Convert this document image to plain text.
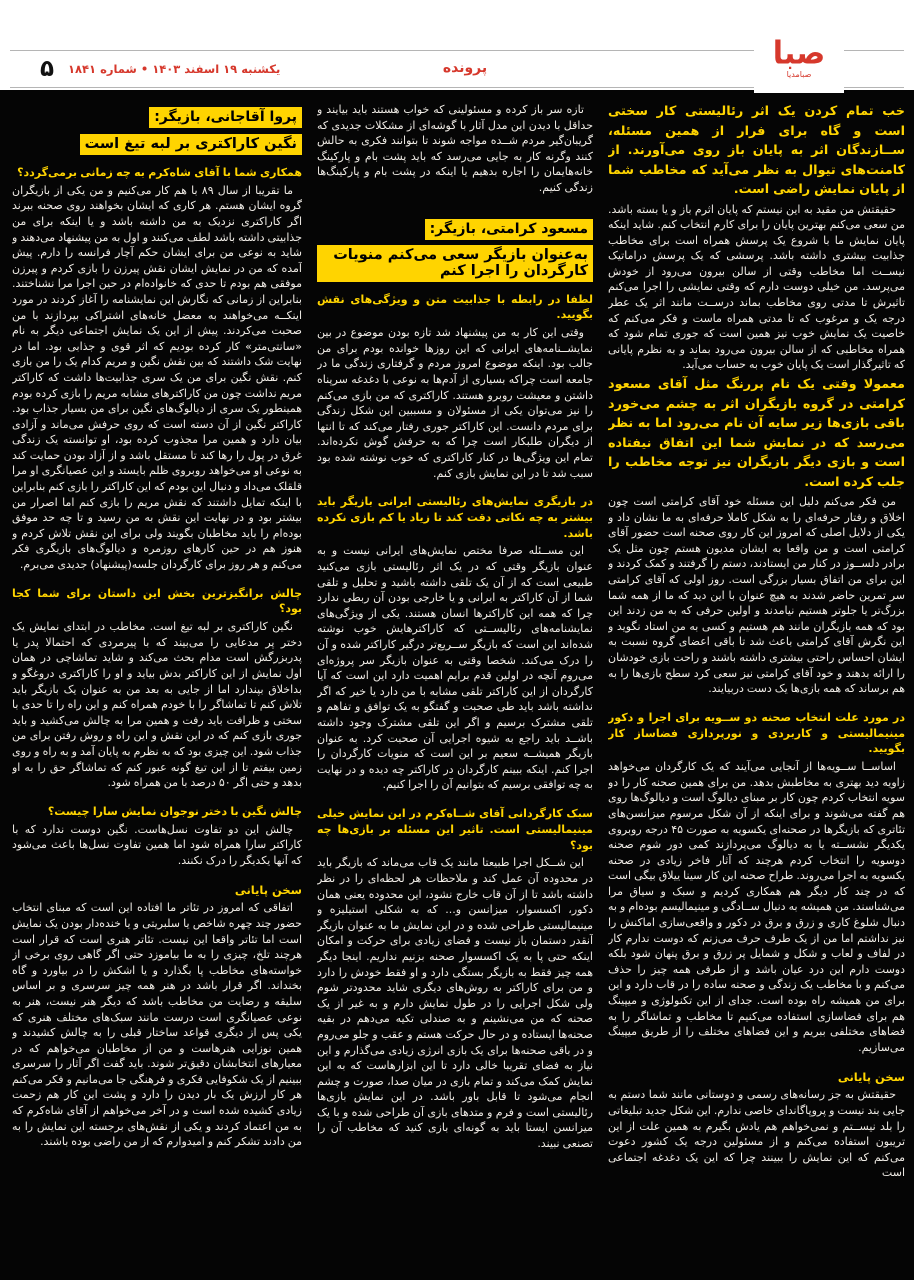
۵ یکشنبه ۱۹ اسفند ۱۴۰۳ • شماره ۱۸۴۱	پرونده	صبا
صبامدیا
خب تمام کردن یک اثر رئالیستی کار سختی است و گاه برای فرار از همین مسئله، ســازندگان اثر به پایان باز روی می‌آورند. از کامنت‌های تیوال به نظر می‌آید که مخاطب شما از پایان نمایش راضی است.

حقیقتش من مقید به این نیستم که پایان اثرم باز و یا بسته باشد. من سعی می‌کنم بهترین پایان را برای کارم انتخاب کنم. شاید اینکه پایان نمایش ما با شروع یک پرسش همراه است برای مخاطب جذابیت بیشتری داشته باشد. پرسشی که یک پرسش دراماتیک نیســت اما مخاطب وقتی از سالن بیرون می‌رود از خودش می‌پرسد. من خیلی دوست دارم که وقتی نمایشی را اجرا می‌کنم تاثیرش تا مدتی روی مخاطب بماند درســت مانند اثر یک عطر درجه یک و مرغوب که تا مدتی همراه ماست و فکر می‌کنم که خاصیت یک نمایش خوب نیز همین است که جوری تمام شود که همراه مخاطبی که از سالن بیرون می‌رود بماند و به نظرم پایانی که تاثیرگذار است یک پایان خوب به حساب می‌آید.

معمولا وقتی یک نام پررنگ مثل آقای مسعود کرامتی در گروه بازیگران اثر به چشم می‌خورد باقی بازی‌ها زیر سایه آن نام می‌رود اما به نظر می‌رسد که در نمایش شما این اتفاق نیفتاده است و بازی دیگر بازیگران نیز توجه مخاطب را جلب کرده است.

من فکر می‌کنم دلیل این مسئله خود آقای کرامتی است چون اخلاق و رفتار حرفه‌ای را به شکل کاملا حرفه‌ای به ما نشان داد و یکی از دلایل اصلی که امروز این کار روی صحنه است حضور آقای کرامتی است و من واقعا به ایشان مدیون هستم چون مثل یک برادر دلســوز در کنار من ایستادند، دستم را گرفتند و کمک کردند و این برای من اتفاق بسیار بزرگی است. روز اولی که آقای کرامتی سر تمرین حاضر شدند به هیچ عنوان با این دید که ما از همه شما بزرگ‌تر یا جلوتر هستیم نیامدند و اولین حرفی که به من زدند این بود که همه بازیگران مانند هم هستیم و کسی به من استاد نگوید و این نگرش آقای کرامتی باعث شد تا باقی اعضای گروه نسبت به ایشان احساس راحتی بیشتری داشته باشند و راحت بازی خودشان را ارائه بدهند و خود آقای کرامتی نیز سعی کرد سطح بازی‌ها را به هم برساند که همه بازی‌ها یک دست دربیایند.

در مورد علت انتخاب صحنه دو ســویه برای اجرا و دکور مینیمالیستی و کاربردی و نورپردازی فضاساز کار بگویید.

اساســا ســویه‌ها از آنجایی می‌آیند که یک کارگردان می‌خواهد زاویه دید بهتری به مخاطبش بدهد. من برای همین صحنه کار را دو سویه انتخاب کردم چون کار بر مبنای دیالوگ است و دیالوگ‌ها روی هم گفته می‌شوند و برای اینکه از آن شکل مرسوم میزانسن‌های تئاتری که بازیگرها در صحنه‌ای یکسویه به صورت ۴۵ درجه روبروی یکدیگر نشســته یا به دیالوگ می‌پردازند کمی دور شوم صحنه دوسویه را انتخاب کردم هرچند که آثار فاخر زیادی در صحنه یکسویه به اجرا می‌روند. طراح صحنه این کار سینا ییلاق بیگی است که در چند کار دیگر هم همکاری کردیم و سبک و سیاق مرا می‌شناسند. من همیشه به دنبال ســادگی و مینیمالیسم بوده‌ام و به دنبال شلوغ کاری و زرق و برق در دکور و واقعی‌سازی اماکنش را نیز نداشتم اما من از یک طرف حرف می‌زنم که دوست ندارم کار در لفاف و لعاب و شکل و شمایل پر زرق و برق پنهان شود بلکه دوست دارم این درد عیان باشد و از طرفی همه چیز را حذف می‌کنم و با مخاطب یک زندگی و صحنه ساده را در قاب دارد و این برای من همیشه راه بوده است. جدای از این تکنولوژی و میپینگ هم برای فضاسازی استفاده می‌کنیم تا مخاطب و تماشاگر را به فضاهای مختلفی ببریم و این فضاهای مختلف را از طریق میپینگ می‌سازیم.

سخن پایانی

حقیقتش به جز رسانه‌های رسمی و دوستانی مانند شما دستم به جایی بند نیست و پروپاگاندای خاصی ندارم. این شکل جدید تبلیغاتی را بلد نیســتم و نمی‌خواهم هم یادش بگیرم به همین علت از این تریبون استفاده می‌کنم و از مسئولین درجه یک کشور دعوت می‌کنم که این نمایش را ببینند چرا که این یک دغدغه اجتماعی است

تازه سر باز کرده و مسئولینی که خواب هستند باید بیایند و حداقل با دیدن این مدل آثار با گوشه‌ای از مشکلات جدیدی که گریبان‌گیر مردم شــده مواجه شوند تا بتوانند فکری به حالش کنند وگرنه کار به جایی می‌رسد که باید پشت بام و پارکینگ خانه‌هایمان را اجاره بدهیم یا اینکه در پشت بام و پارکینگ‌ها زندگی کنیم.

مسعود کرامتی، بازیگر:
به‌عنوان بازیگر سعی می‌کنم منویات کارگردان را اجرا کنم
لطفا در رابطه با جذابیت متن و ویژگی‌های نقش بگویید.

وقتی این کار به من پیشنهاد شد تازه بودن موضوع در بین نمایشــنامه‌های ایرانی که این روزها خوانده بودم برای من جالب بود. اینکه موضوع امروز مردم و گرفتاری زندگی ما در جامعه است چراکه بسیاری از آدم‌ها به نوعی با دغدغه سرپناه داشتن و معیشت روبرو هستند. کاراکتری که من بازی می‌کنم را نیز می‌توان یکی از مسئولان و مسببین این شکل زندگی برای مردم دانست. این کاراکتر جوری رفتار می‌کند که تا انتها از دیگران طلبکار است چرا که به حرفش گوش نکرده‌اند. تمام این ویژگی‌ها در کنار کاراکتری که خوب نوشته شده بود سبب شد تا در این نمایش بازی کنم.

در بازیگری نمایش‌های رئالیستی ایرانی بازیگر باید بیشتر به چه نکاتی دقت کند تا زیاد یا کم بازی نکرده باشد.

این مســئله صرفا مختص نمایش‌های ایرانی نیست و به عنوان بازیگر وقتی که در یک اثر رئالیستی بازی می‌کنید طبیعی است که از آن یک تلقی داشته باشید و تحلیل و تلقی شما از آن کاراکتر به ایرانی و یا خارجی بودن آن ربطی ندارد چرا که همه این کاراکترها انسان هستند. یکی از ویژگی‌های نمایشنامه‌های رئالیســتی که کاراکترهایش خوب نوشته شده‌اند این است که بازیگر ســریع‌تر درگیر کاراکتر شده و آن را درک می‌کند. شخصا وقتی به عنوان بازیگر سر پروژه‌ای می‌روم آنچه در اولین قدم برایم اهمیت دارد این است که آیا کارگردان از این کاراکتر تلقی مشابه با من دارد یا خیر که اگر نداشته باشد باید طی صحبت و گفتگو به یک توافق و تفاهم و تلقی مشترک برسیم و اگر این تلقی مشترک وجود داشته باشــد باید راجع به شیوه اجرایی آن صحبت کرد. به عنوان بازیگر همیشــه سعیم بر این است که منویات کارگردان را اجرا کنم. اینکه ببینم کارگردان در کاراکتر چه دیده و در نهایت به چه توافقی برسیم که بتوانیم آن را اجرا کنیم.

سبک کارگردانی آقای شــاه‌کرم در این نمایش خیلی مینیمالیستی است. تاثیر این مسئله بر بازی‌ها چه بود؟

این شــکل اجرا طبیعتا مانند یک قاب می‌ماند که بازیگر باید در محدوده آن عمل کند و ملاحظات هر لحظه‌ای را در نظر داشته باشد تا از آن قاب خارج نشود، این محدوده یعنی همان دکور، اکسسوار، میزانسن و... که به شکلی استیلیزه و مینیمالیستی طراحی شده و در این نمایش ما به عنوان بازیگر آنقدر دستمان باز نیست و فضای زیادی برای حرکت و امکان اینکه حتی پا به یک اکسسوار صحنه بزنیم نداریم. اینجا دیگر همه چیز فقط به بازیگر بستگی دارد و او فقط خودش را دارد و من برای کاراکتر به روش‌های دیگری شاید محدودتر شوم ولی شکل اجرایی را در طول نمایش دارم و به غیر از یک صحنه که من می‌نشینم و به صندلی تکیه می‌دهم در بقیه صحنه‌ها ایستاده و در حال حرکت هستم و عقب و جلو می‌روم و در باقی صحنه‌ها برای یک بازی انرژی زیادی می‌گذارم و این نیاز به فضای تقریبا خالی دارد تا این ابزارهاست که به این نمایش کمک می‌کند و تمام بازی در میان صدا، صورت و چشم انجام می‌شود تا قابل باور باشد. در این نمایش بازی‌ها رئالیستی است و فرم و متدهای بازی آن طراحی شده و با یک میزانسن ایستا باید به گونه‌ای بازی کنید که مخاطب آن را تصنعی نبیند.

پروا آقاجانی، بازیگر:
نگین کاراکتری بر لبه تیغ است
همکاری شما با آقای شاه‌کرم به چه زمانی برمی‌گردد؟

ما تقریبا از سال ۸۹ با هم کار می‌کنیم و من یکی از بازیگران گروه ایشان هستم. هر کاری که ایشان بخواهند روی صحنه ببرند اگر کاراکتری نزدیک به من داشته باشد و یا اینکه برای من جذابیتی داشته باشد لطف می‌کنند و اول به من پیشنهاد می‌دهند و شاید به نوعی من برای ایشان حکم آچار فرانسه را دارم. پیش آمده که من در نمایش ایشان نقش پیرزن را بازی کردم و پیرزن موفقی هم بودم تا حدی که خانواده‌ام در حین اجرا مرا نشناختند. بنابراین از زمانی که نگارش این نمایشنامه را آغاز کردند در مورد اینکــه می‌خواهند به معضل خانه‌های اشتراکی بپردازند با من صحبت می‌کردند. پیش از این یک نمایش اجتماعی دیگر به نام «سانتی‌متر» کار کرده بودیم که اثر قوی و جذابی بود. اما در نهایت شک داشتند که بین نقش نگین و مریم کدام یک را من بازی کنم. نقش نگین برای من یک سری جذابیت‌ها داشت که کاراکتر مریم نداشت چون من کاراکترهای مشابه مریم را بازی کرده بودم همینطور یک سری از دیالوگ‌های نگین برای من بسیار جذاب بود. کاراکتر نگین از آن دسته است که روی حرفش می‌ماند و آزادی بیان دارد و همین مرا مجذوب کرده بود، او توانسته یک زندگی غرق در پول را رها کند تا مستقل باشد و از آزاد بودن حمایت کند به نوعی او می‌خواهد روبروی ظلم بایستد و این عصیانگری او مرا قلقلک می‌داد و دنبال این بودم که این کاراکتر را بازی کنم بنابراین با اینکه تمایل داشتند که نقش مریم را بازی کنم اما اصرار من بیشتر بود و در نهایت این نقش به من رسید و تا چه حد موفق بوده‌ام را باید مخاطبان بگویند ولی برای این نقش تلاش کردم و هنوز هم در حین کارهای روزمره و دیالوگ‌های بازیگری فکر می‌کنم و هر روز برای کارگردان جلسه(پیشنهاد) جدیدی می‌برم.

چالش برانگیزترین بخش این داستان برای شما کجا بود؟

نگین کاراکتری بر لبه تیغ است. مخاطب در ابتدای نمایش یک دختر پر مدعایی را می‌بیند که با پیرمردی که احتمالا پدر یا پدربزرگش است مدام بحث می‌کند و شاید تماشاچی در همان اول نمایش از این کاراکتر بدش بیاید و او را کاراکتری دروغگو و بداخلاق بپندارد اما از جایی به بعد من به عنوان یک بازیگر باید تلاش کنم تا تماشاگر را با خودم همراه کنم و این راه را تا حدی با سختی و ظرافت باید رفت و همین مرا به چالش می‌کشید و باید جوری بازی کنم که در این نقش و این راه و روش رفتن برای من جذاب شود. این چیزی بود که به نظرم به پایان آمد و به راه و روی زمین بیفتم تا از این تیغ گونه عبور کنم که تماشاگر حق را به او بدهد و حتی اگر ۵۰ درصد با من همراه شود.

چالش نگین با دختر نوجوان نمایش سارا چیست؟

چالش این دو تفاوت نسل‌هاست. نگین دوست ندارد که با کاراکتر سارا همراه شود اما همین تفاوت نسل‌ها باعث می‌شود که آنها یکدیگر را درک نکنند.

سخن پایانی

اتفاقی که امروز در تئاتر ما افتاده این است که مبنای انتخاب حضور چند چهره شاخص یا سلبریتی و یا خنده‌دار بودن یک نمایش است اما تئاتر واقعا این نیست. تئاتر هنری است که قرار است هرچند تلخ، چیزی را به ما بیاموزد حتی اگر گاهی روی برخی از خواسته‌های مخاطب پا بگذارد و یا اشکش را در بیاورد و گاه بخنداند. اگر قرار باشد در هنر همه چیز سرسری و بر اساس سلیقه و رضایت من مخاطب باشد که دیگر هنر نیست، هنر به نوعی عصیانگری است درست مانند سبک‌های مختلف هنری که یکی پس از دیگری قواعد ساختار قبلی را به چالش کشیدند و همین نوزایی هنرهاست و من از مخاطبان می‌خواهم که در معیارهای انتخابشان دقیق‌تر شوند. باید گفت اگر آثار را سرسری ببینیم از یک شکوفایی فکری و فرهنگی جا می‌مانیم و فکر می‌کنم هر کار ارزش یک بار دیدن را دارد و پشت این کار هم زحمت زیادی کشیده شده است و در آخر می‌خواهم از آقای شاه‌کرم که به من اعتماد کردند و یکی از نقش‌های برجسته این نمایش را به من دادند تشکر کنم و امیدوارم که از من راضی بوده باشند.
